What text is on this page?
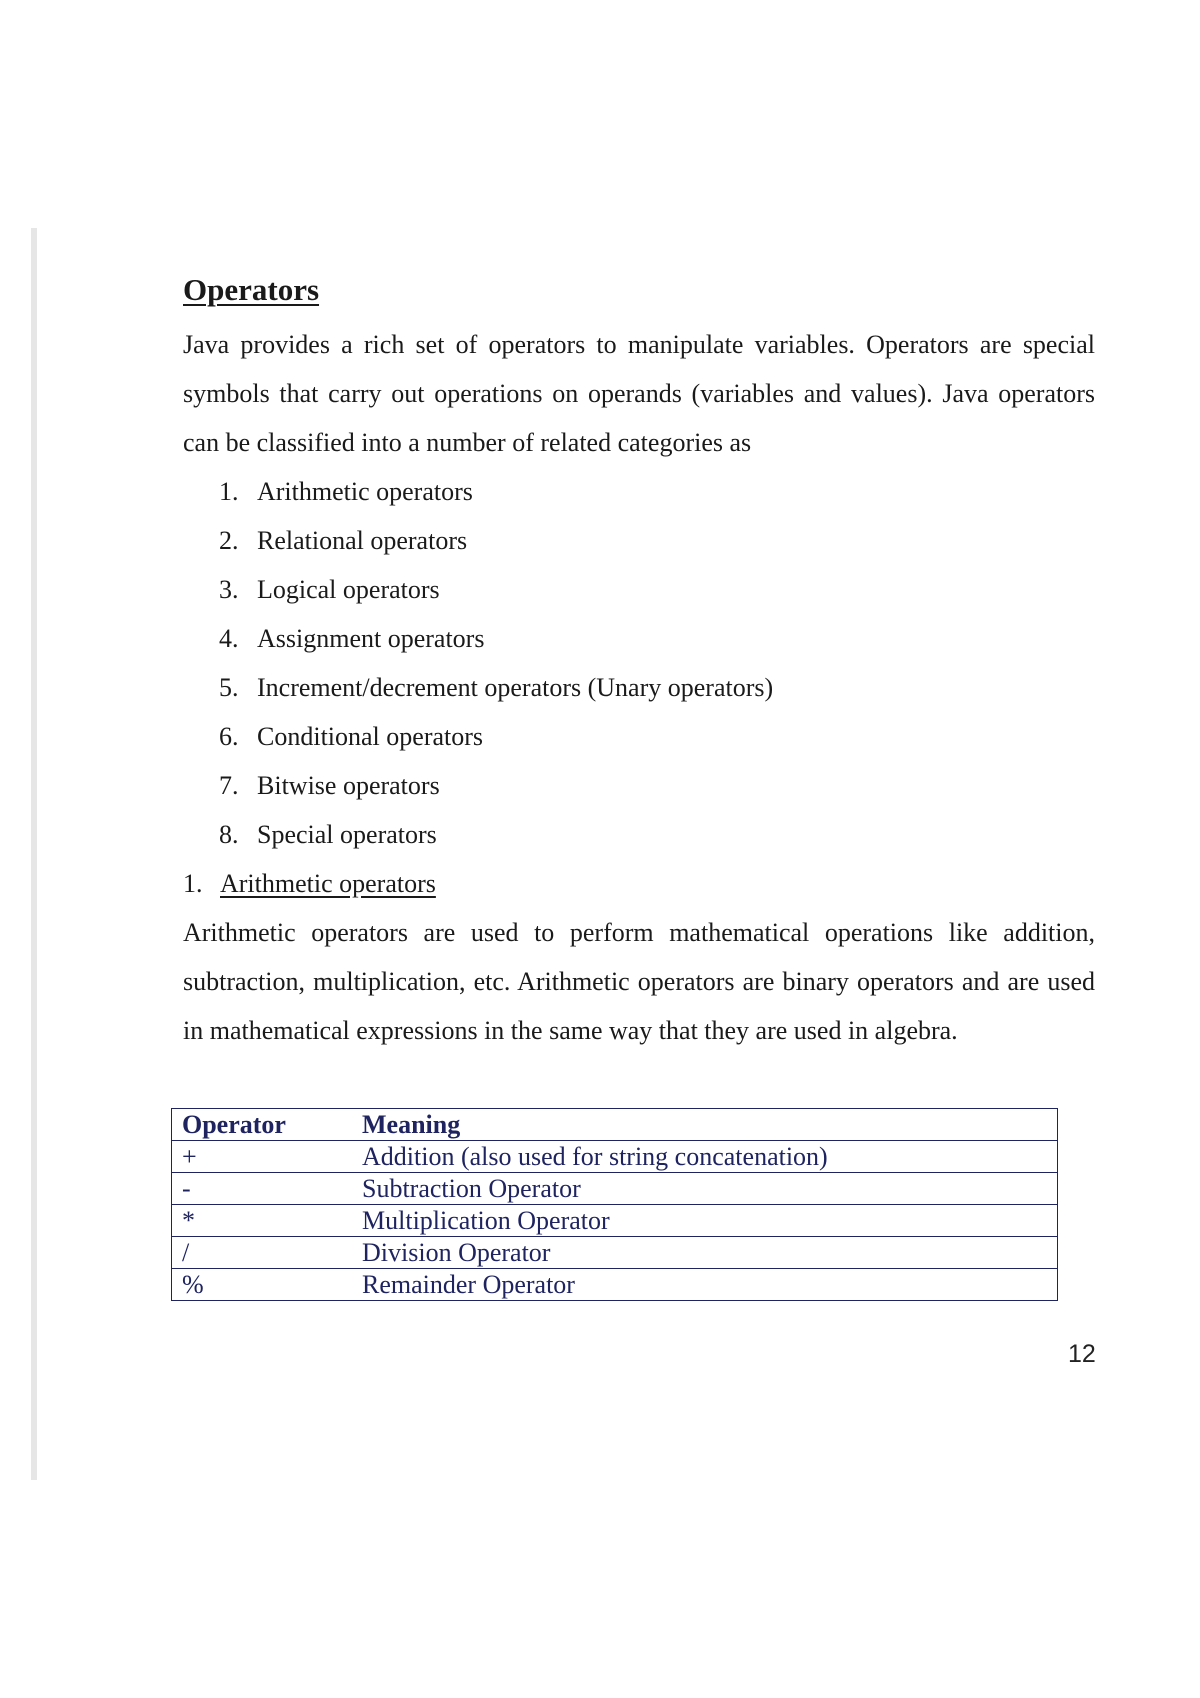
Operators

Java provides a rich set of operators to manipulate variables. Operators are special symbols that carry out operations on operands (variables and values). Java operators can be classified into a number of related categories as

1. Arithmetic operators
2. Relational operators
3. Logical operators
4. Assignment operators
5. Increment/decrement operators (Unary operators)
6. Conditional operators
7. Bitwise operators
8. Special operators
1. Arithmetic operators

Arithmetic operators are used to perform mathematical operations like addition, subtraction, multiplication, etc. Arithmetic operators are binary operators and are used in mathematical expressions in the same way that they are used in algebra.

Operator	Meaning
+	Addition (also used for string concatenation)
-	Subtraction Operator
*	Multiplication Operator
/	Division Operator
%	Remainder Operator
12
